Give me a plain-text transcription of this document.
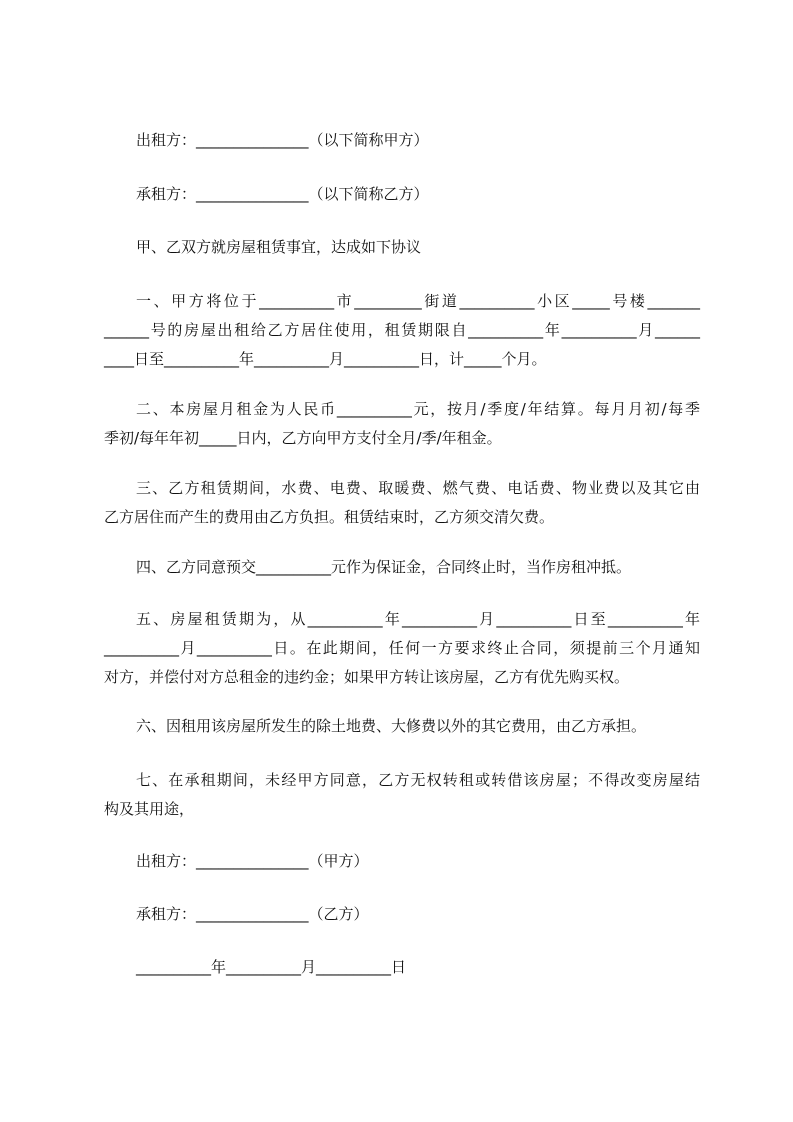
出租方：_______________（以下简称甲方）
承租方：_______________（以下简称乙方）
甲、乙双方就房屋租赁事宜，达成如下协议
一、甲方将位于__________市_________街道__________小区_____号楼_______
______号的房屋出租给乙方居住使用，租赁期限自__________年__________月______
____日至__________年__________月__________日，计_____个月。
二、本房屋月租金为人民币__________元，按月/季度/年结算。每月月初/每季
季初/每年年初_____日内，乙方向甲方支付全月/季/年租金。
三、乙方租赁期间，水费、电费、取暖费、燃气费、电话费、物业费以及其它由
乙方居住而产生的费用由乙方负担。租赁结束时，乙方须交清欠费。
四、乙方同意预交__________元作为保证金，合同终止时，当作房租冲抵。
五、房屋租赁期为，从__________年__________月__________日至__________年
__________月__________日。在此期间，任何一方要求终止合同，须提前三个月通知
对方，并偿付对方总租金的违约金；如果甲方转让该房屋，乙方有优先购买权。
六、因租用该房屋所发生的除土地费、大修费以外的其它费用，由乙方承担。
七、在承租期间，未经甲方同意，乙方无权转租或转借该房屋；不得改变房屋结
构及其用途，
出租方：_______________（甲方）
承租方：_______________（乙方）
__________年__________月__________日
